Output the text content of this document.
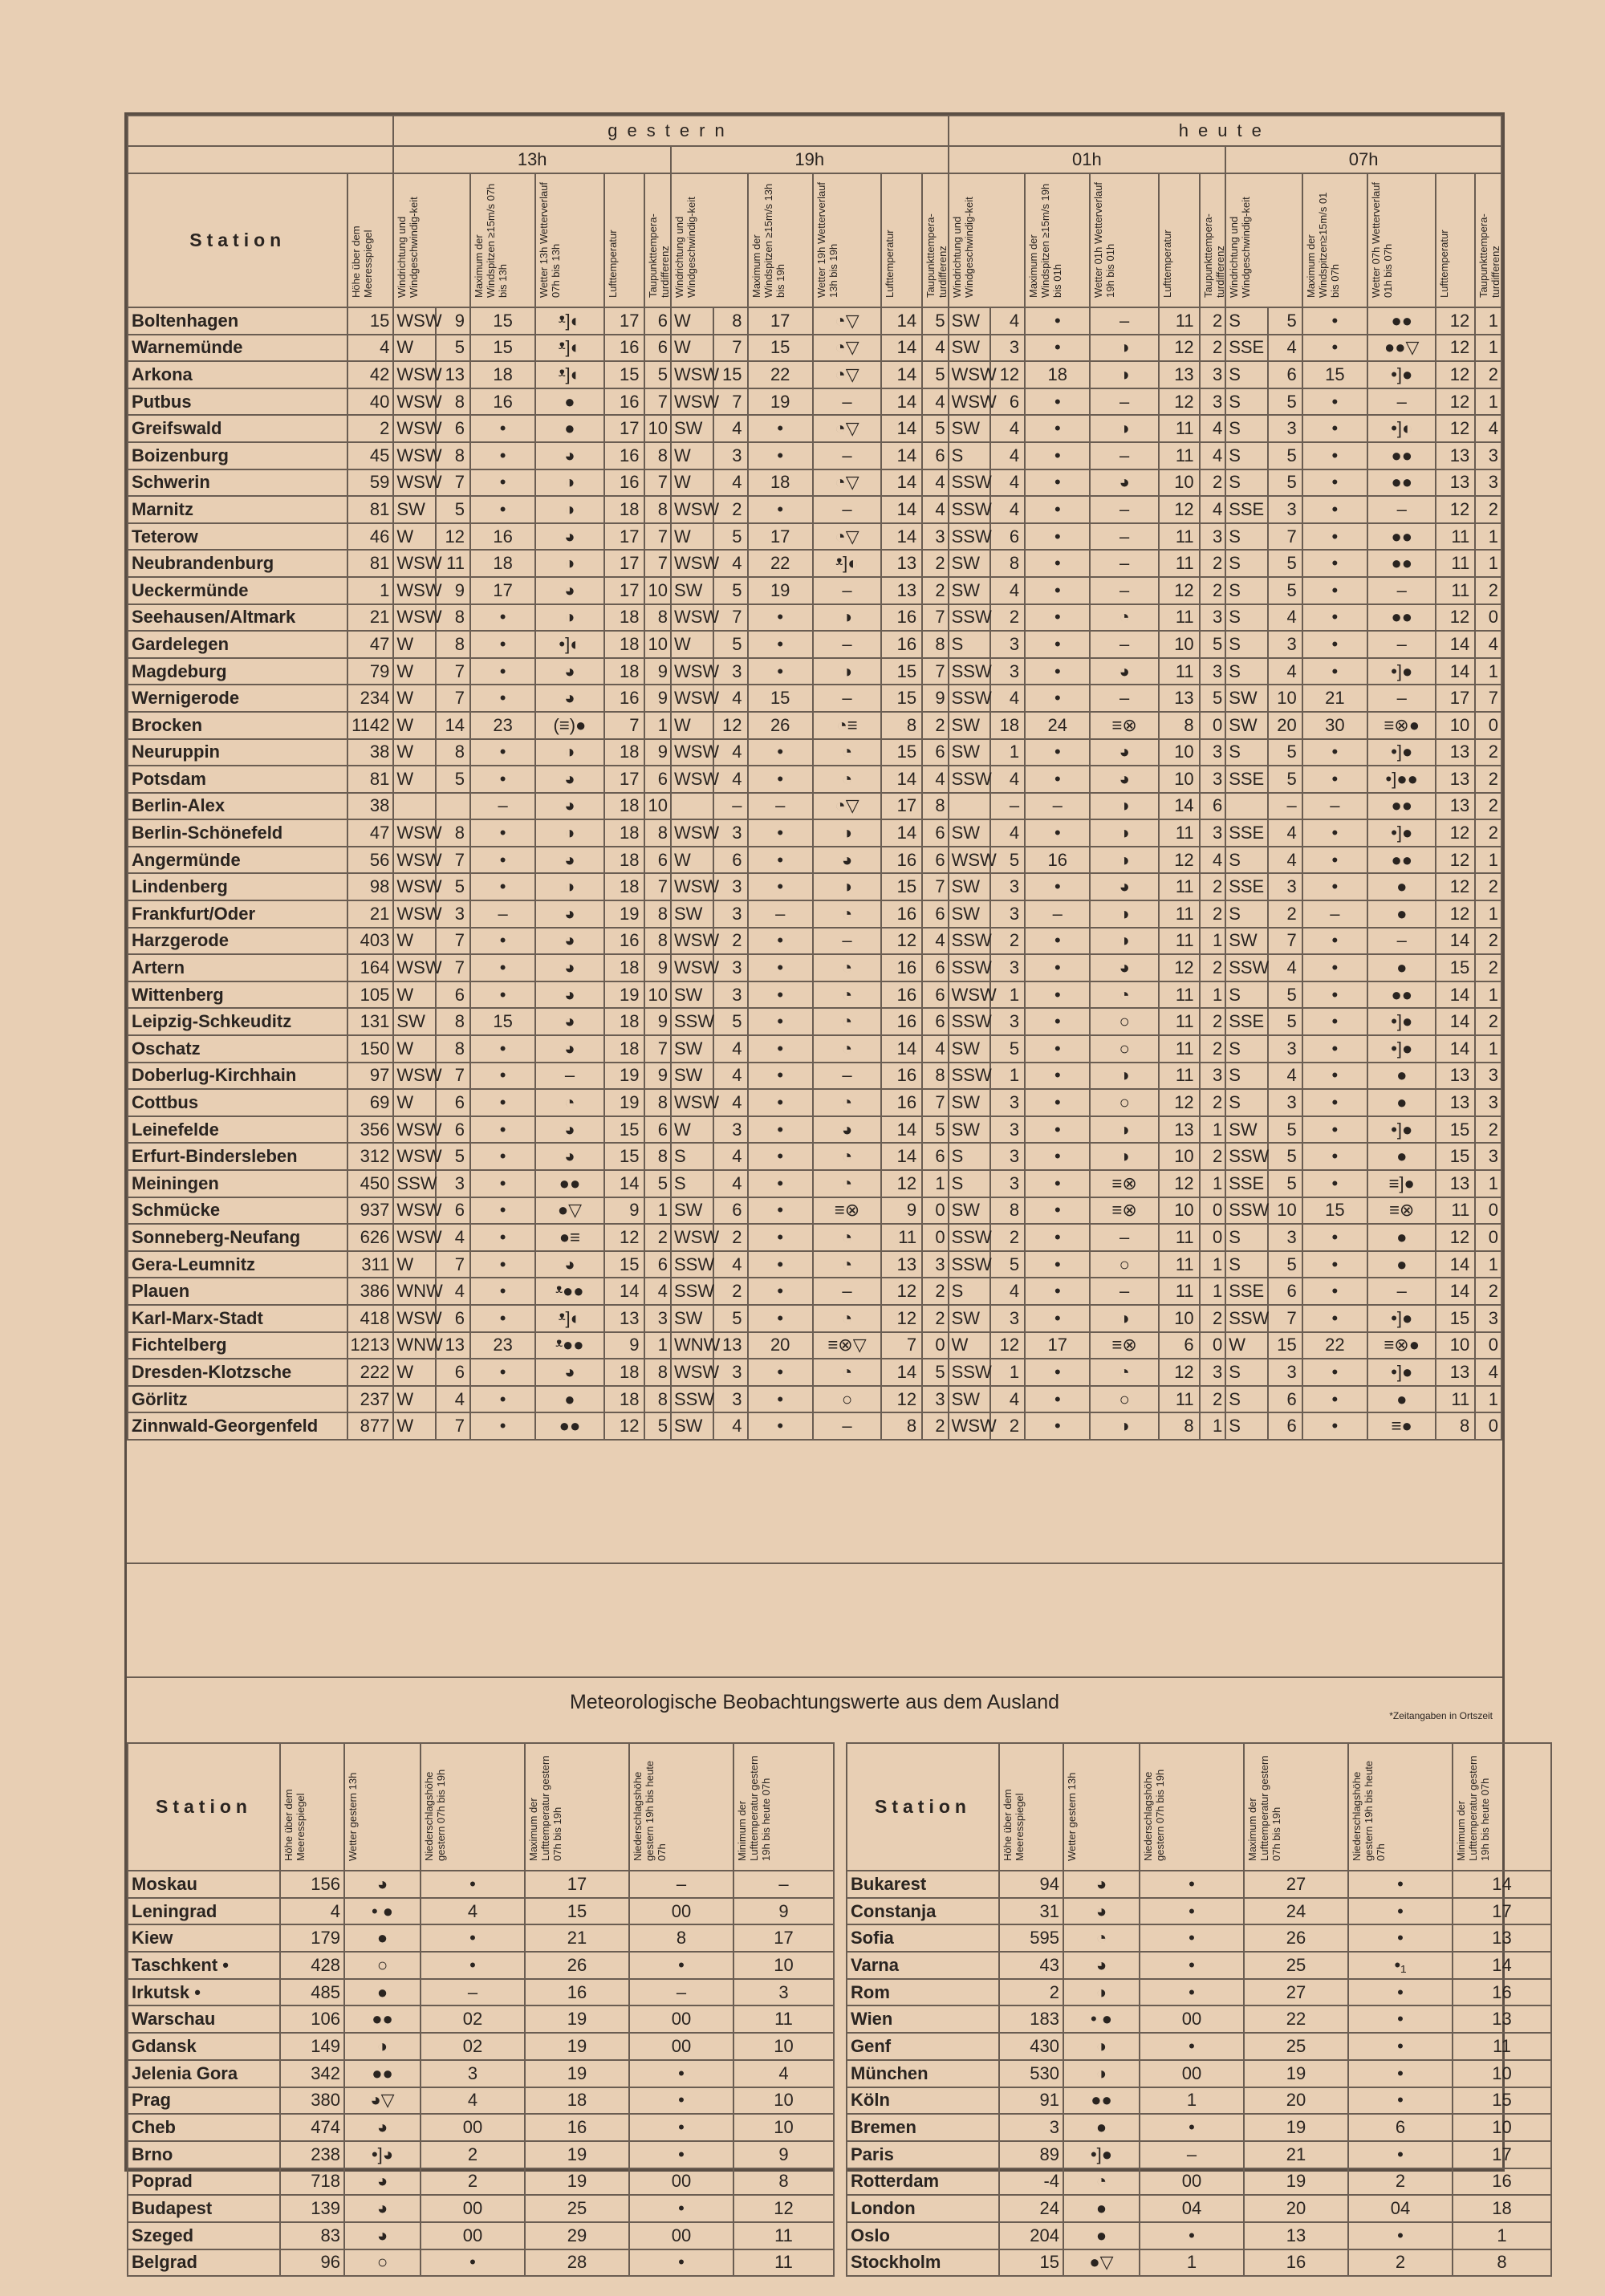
		gestern												heute											
		13h						19h						01h						07h					
Station	Höhe über dem Meeresspiegel	Windrichtung und Windgeschwindig-keit		Maximum der Windspitzen ≥15m/s 07h bis 13h	Wetter 13h Wetterverlauf 07h bis 13h	Lufttemperatur	Taupunkttempera-turdifferenz	Windrichtung und Windgeschwindig-keit		Maximum der Windspitzen ≥15m/s 13h bis 19h	Wetter 19h Wetterverlauf 13h bis 19h	Lufttemperatur	Taupunkttempera-turdifferenz	Windrichtung und Windgeschwindig-keit		Maximum der Windspitzen ≥15m/s 19h bis 01h	Wetter 01h Wetterverlauf 19h bis 01h	Lufttemperatur	Taupunkttempera-turdifferenz	Windrichtung und Windgeschwindig-keit		Maximum der Windspitzen≥15m/s 01 bis 07h	Wetter 07h Wetterverlauf 01h bis 07h	Lufttemperatur	Taupunkttempera-turdifferenz
Boltenhagen	15	WSW	9	15	ᵜ]◐	17	6	W	8	17	◔▽	14	5	SW	4	•	–	11	2	S	5	•	●●	12	1
Warnemünde	4	W	5	15	ᵜ]◐	16	6	W	7	15	◔▽	14	4	SW	3	•	◑	12	2	SSE	4	•	●●▽	12	1
Arkona	42	WSW	13	18	ᵜ]◐	15	5	WSW	15	22	◔▽	14	5	WSW	12	18	◑	13	3	S	6	15	•]●	12	2
Putbus	40	WSW	8	16	●	16	7	WSW	7	19	–	14	4	WSW	6	•	–	12	3	S	5	•	–	12	1
Greifswald	2	WSW	6	•	●	17	10	SW	4	•	◔▽	14	5	SW	4	•	◑	11	4	S	3	•	•]◐	12	4
Boizenburg	45	WSW	8	•	◕	16	8	W	3	•	–	14	6	S	4	•	–	11	4	S	5	•	●●	13	3
Schwerin	59	WSW	7	•	◑	16	7	W	4	18	◔▽	14	4	SSW	4	•	◕	10	2	S	5	•	●●	13	3
Marnitz	81	SW	5	•	◑	18	8	WSW	2	•	–	14	4	SSW	4	•	–	12	4	SSE	3	•	–	12	2
Teterow	46	W	12	16	◕	17	7	W	5	17	◔▽	14	3	SSW	6	•	–	11	3	S	7	•	●●	11	1
Neubrandenburg	81	WSW	11	18	◑	17	7	WSW	4	22	ᵜ]◐	13	2	SW	8	•	–	11	2	S	5	•	●●	11	1
Ueckermünde	1	WSW	9	17	◕	17	10	SW	5	19	–	13	2	SW	4	•	–	12	2	S	5	•	–	11	2
Seehausen/Altmark	21	WSW	8	•	◑	18	8	WSW	7	•	◑	16	7	SSW	2	•	◔	11	3	S	4	•	●●	12	0
Gardelegen	47	W	8	•	•]◐	18	10	W	5	•	–	16	8	S	3	•	–	10	5	S	3	•	–	14	4
Magdeburg	79	W	7	•	◕	18	9	WSW	3	•	◑	15	7	SSW	3	•	◕	11	3	S	4	•	•]●	14	1
Wernigerode	234	W	7	•	◕	16	9	WSW	4	15	–	15	9	SSW	4	•	–	13	5	SW	10	21	–	17	7
Brocken	1142	W	14	23	(≡)●	7	1	W	12	26	◔≡	8	2	SW	18	24	≡⊗	8	0	SW	20	30	≡⊗●	10	0
Neuruppin	38	W	8	•	◑	18	9	WSW	4	•	◔	15	6	SW	1	•	◕	10	3	S	5	•	•]●	13	2
Potsdam	81	W	5	•	◕	17	6	WSW	4	•	◔	14	4	SSW	4	•	◕	10	3	SSE	5	•	•]●●	13	2
Berlin-Alex	38			–	◕	18	10		–	–	◔▽	17	8		–	–	◑	14	6		–	–	●●	13	2
Berlin-Schönefeld	47	WSW	8	•	◑	18	8	WSW	3	•	◑	14	6	SW	4	•	◑	11	3	SSE	4	•	•]●	12	2
Angermünde	56	WSW	7	•	◕	18	6	W	6	•	◕	16	6	WSW	5	16	◑	12	4	S	4	•	●●	12	1
Lindenberg	98	WSW	5	•	◑	18	7	WSW	3	•	◑	15	7	SW	3	•	◕	11	2	SSE	3	•	●	12	2
Frankfurt/Oder	21	WSW	3	–	◕	19	8	SW	3	–	◔	16	6	SW	3	–	◑	11	2	S	2	–	●	12	1
Harzgerode	403	W	7	•	◕	16	8	WSW	2	•	–	12	4	SSW	2	•	◑	11	1	SW	7	•	–	14	2
Artern	164	WSW	7	•	◕	18	9	WSW	3	•	◔	16	6	SSW	3	•	◕	12	2	SSW	4	•	●	15	2
Wittenberg	105	W	6	•	◕	19	10	SW	3	•	◔	16	6	WSW	1	•	◔	11	1	S	5	•	●●	14	1
Leipzig-Schkeuditz	131	SW	8	15	◕	18	9	SSW	5	•	◔	16	6	SSW	3	•	○	11	2	SSE	5	•	•]●	14	2
Oschatz	150	W	8	•	◕	18	7	SW	4	•	◔	14	4	SW	5	•	○	11	2	S	3	•	•]●	14	1
Doberlug-Kirchhain	97	WSW	7	•	–	19	9	SW	4	•	–	16	8	SSW	1	•	◑	11	3	S	4	•	●	13	3
Cottbus	69	W	6	•	◔	19	8	WSW	4	•	◔	16	7	SW	3	•	○	12	2	S	3	•	●	13	3
Leinefelde	356	WSW	6	•	◕	15	6	W	3	•	◕	14	5	SW	3	•	◑	13	1	SW	5	•	•]●	15	2
Erfurt-Bindersleben	312	WSW	5	•	◕	15	8	S	4	•	◔	14	6	S	3	•	◑	10	2	SSW	5	•	●	15	3
Meiningen	450	SSW	3	•	●●	14	5	S	4	•	◔	12	1	S	3	•	≡⊗	12	1	SSE	5	•	≡]●	13	1
Schmücke	937	WSW	6	•	●▽	9	1	SW	6	•	≡⊗	9	0	SW	8	•	≡⊗	10	0	SSW	10	15	≡⊗	11	0
Sonneberg-Neufang	626	WSW	4	•	●≡	12	2	WSW	2	•	◔	11	0	SSW	2	•	–	11	0	S	3	•	●	12	0
Gera-Leumnitz	311	W	7	•	◕	15	6	SSW	4	•	◔	13	3	SSW	5	•	○	11	1	S	5	•	●	14	1
Plauen	386	WNW	4	•	ᵜ●●	14	4	SSW	2	•	–	12	2	S	4	•	–	11	1	SSE	6	•	–	14	2
Karl-Marx-Stadt	418	WSW	6	•	ᵜ]◐	13	3	SW	5	•	◔	12	2	SW	3	•	◑	10	2	SSW	7	•	•]●	15	3
Fichtelberg	1213	WNW	13	23	ᵜ●●	9	1	WNW	13	20	≡⊗▽	7	0	W	12	17	≡⊗	6	0	W	15	22	≡⊗●	10	0
Dresden-Klotzsche	222	W	6	•	◕	18	8	WSW	3	•	◔	14	5	SSW	1	•	◔	12	3	S	3	•	•]●	13	4
Görlitz	237	W	4	•	●	18	8	SSW	3	•	○	12	3	SW	4	•	○	11	2	S	6	•	●	11	1
Zinnwald-Georgenfeld	877	W	7	•	●●	12	5	SW	4	•	–	8	2	WSW	2	•	◑	8	1	S	6	•	≡●	8	0
Meteorologische Beobachtungswerte aus dem Ausland
*Zeitangaben in Ortszeit
Station	Höhe über dem Meeresspiegel	Wetter gestern 13h	Niederschlagshöhe gestern 07h bis 19h	Maximum der Lufttemperatur gestern 07h bis 19h	Niederschlagshöhe gestern 19h bis heute 07h	Minimum der Lufttemperatur gestern 19h bis heute 07h		Station	Höhe über dem Meeresspiegel	Wetter gestern 13h	Niederschlagshöhe gestern 07h bis 19h	Maximum der Lufttemperatur gestern 07h bis 19h	Niederschlagshöhe gestern 19h bis heute 07h	Minimum der Lufttemperatur gestern 19h bis heute 07h
Moskau	156	◕	•	17	–	–		Bukarest	94	◕	•	27	•	14
Leningrad	4	• ●	4	15	00	9		Constanja	31	◕	•	24	•	17
Kiew	179	●	•	21	8	17		Sofia	595	◔	•	26	•	13
Taschkent •	428	○	•	26	•	10		Varna	43	◕	•	25	•₁	14
Irkutsk •	485	●	–	16	–	3		Rom	2	◑	•	27	•	16
Warschau	106	●●	02	19	00	11		Wien	183	• ●	00	22	•	13
Gdansk	149	◑	02	19	00	10		Genf	430	◑	•	25	•	11
Jelenia Gora	342	●●	3	19	•	4		München	530	◑	00	19	•	10
Prag	380	◕▽	4	18	•	10		Köln	91	●●	1	20	•	15
Cheb	474	◕	00	16	•	10		Bremen	3	●	•	19	6	10
Brno	238	•]◕	2	19	•	9		Paris	89	•]●	–	21	•	17
Poprad	718	◕	2	19	00	8		Rotterdam	-4	◔	00	19	2	16
Budapest	139	◕	00	25	•	12		London	24	●	04	20	04	18
Szeged	83	◕	00	29	00	11		Oslo	204	●	•	13	•	1
Belgrad	96	○	•	28	•	11		Stockholm	15	●▽	1	16	2	8
